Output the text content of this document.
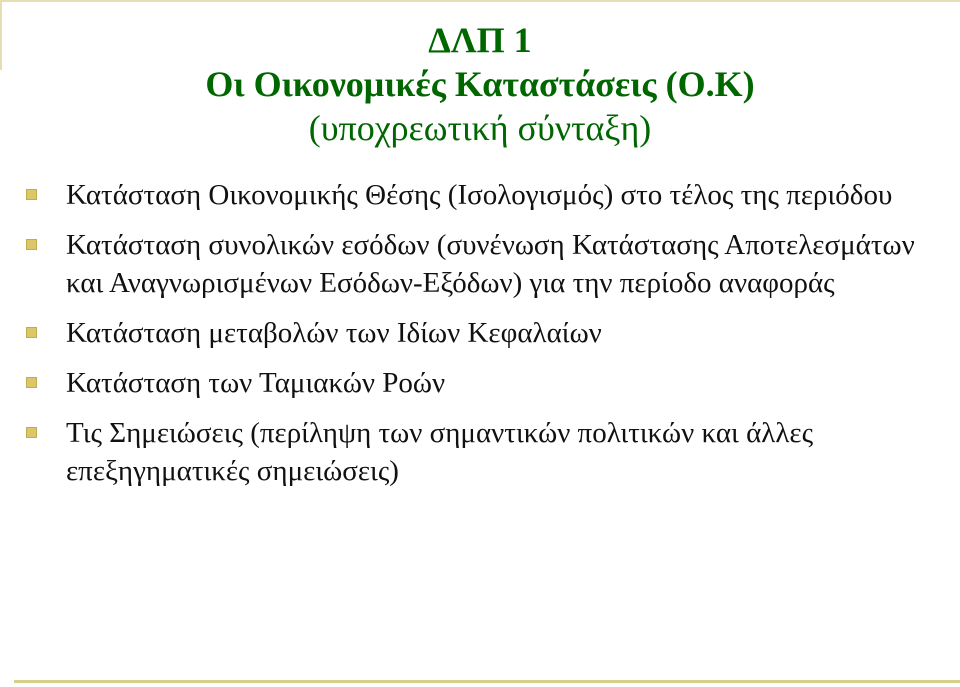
ΔΛΠ 1
Οι Οικονομικές Καταστάσεις (Ο.Κ)
(υποχρεωτική σύνταξη)
Κατάσταση Οικονομικής Θέσης (Ισολογισμός) στο τέλος της περιόδου
Κατάσταση συνολικών εσόδων (συνένωση Κατάστασης Αποτελεσμάτων και Αναγνωρισμένων Εσόδων-Εξόδων) για την περίοδο αναφοράς
Κατάσταση μεταβολών των Ιδίων Κεφαλαίων
Κατάσταση των Ταμιακών Ροών
Τις Σημειώσεις (περίληψη των σημαντικών πολιτικών και άλλες επεξηγηματικές σημειώσεις)
